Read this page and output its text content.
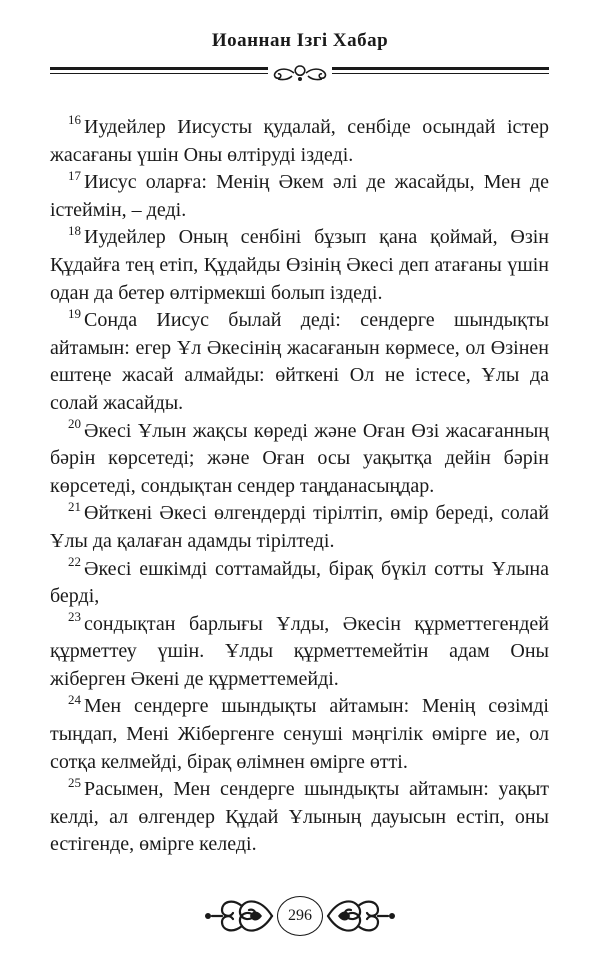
Иоаннан Ізгі Хабар

$^{16}$ Иудейлер Иисусты қудалай, сенбіде осындай істер жасағаны үшін Оны өлтіруді іздеді.

$^{17}$ Иисус оларға: Менің Әкем әлі де жасайды, Мен де істеймін, – деді.

$^{18}$ Иудейлер Оның сенбіні бұзып қана қоймай, Өзін Құдайға тең етіп, Құдайды Өзінің Әкесі деп атағаны үшін одан да бетер өлтірмекші болып іздеді.

$^{19}$ Сонда Иисус былай деді: сендерге шындықты айтамын: егер Ұл Әкесінің жасағанын көрмесе, ол Өзінен ештеңе жасай алмайды: өйткені Ол не істесе, Ұлы да солай жасайды.

$^{20}$ Әкесі Ұлын жақсы көреді және Оған Өзі жасағанның бәрін көрсетеді; және Оған осы уақытқа дейін бәрін көрсетеді, сондықтан сендер таңданасыңдар.

$^{21}$ Өйткені Әкесі өлгендерді тірілтіп, өмір береді, солай Ұлы да қалаған адамды тірілтеді.

$^{22}$ Әкесі ешкімді соттамайды, бірақ бүкіл сотты Ұлына берді,

$^{23}$ сондықтан барлығы Ұлды, Әкесін құрметтегендей құрметтеу үшін. Ұлды құрметтемейтін адам Оны жіберген Әкені де құрметтемейді.

$^{24}$ Мен сендерге шындықты айтамын: Менің сөзімді тыңдап, Мені Жібергенге сенуші мәңгілік өмірге ие, ол сотқа келмейді, бірақ өлімнен өмірге өтті.

$^{25}$ Расымен, Мен сендерге шындықты айтамын: уақыт келді, ал өлгендер Құдай Ұлының дауысын естіп, оны естігенде, өмірге келеді.

296
